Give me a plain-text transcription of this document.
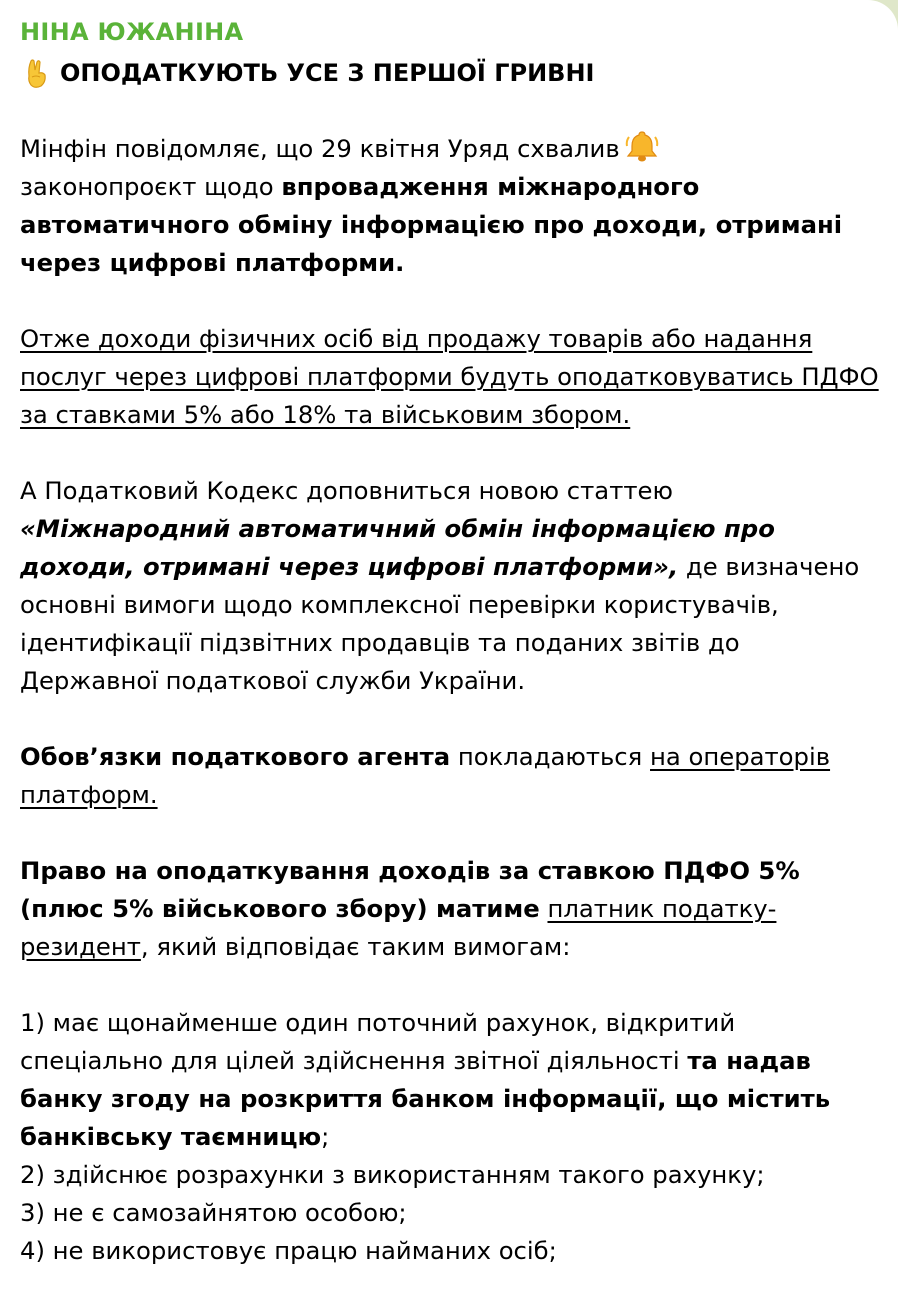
НІНА ЮЖАНІНА
ОПОДАТКУЮТЬ УСЕ З ПЕРШОЇ ГРИВНІ

Мінфін повідомляє, що 29 квітня Уряд схвалив
законопроєкт щодо впровадження міжнародного автоматичного обміну інформацією про доходи, отримані через цифрові платформи.

Отже доходи фізичних осіб від продажу товарів або надання послуг через цифрові платформи будуть оподатковуватись ПДФО за ставками 5% або 18% та військовим збором.

А Податковий Кодекс доповниться новою статтею «Міжнародний автоматичний обмін інформацією про доходи, отримані через цифрові платформи», де визначено основні вимоги щодо комплексної перевірки користувачів, ідентифікації підзвітних продавців та поданих звітів до Державної податкової служби України.

Обов’язки податкового агента покладаються на операторів платформ.

Право на оподаткування доходів за ставкою ПДФО 5% (плюс 5% військового збору) матиме платник податку-резидент, який відповідає таким вимогам:

1) має щонайменше один поточний рахунок, відкритий спеціально для цілей здійснення звітної діяльності та надав банку згоду на розкриття банком інформації, що містить банківську таємницю;

2) здійснює розрахунки з використанням такого рахунку;

3) не є самозайнятою особою;

4) не використовує працю найманих осіб;
